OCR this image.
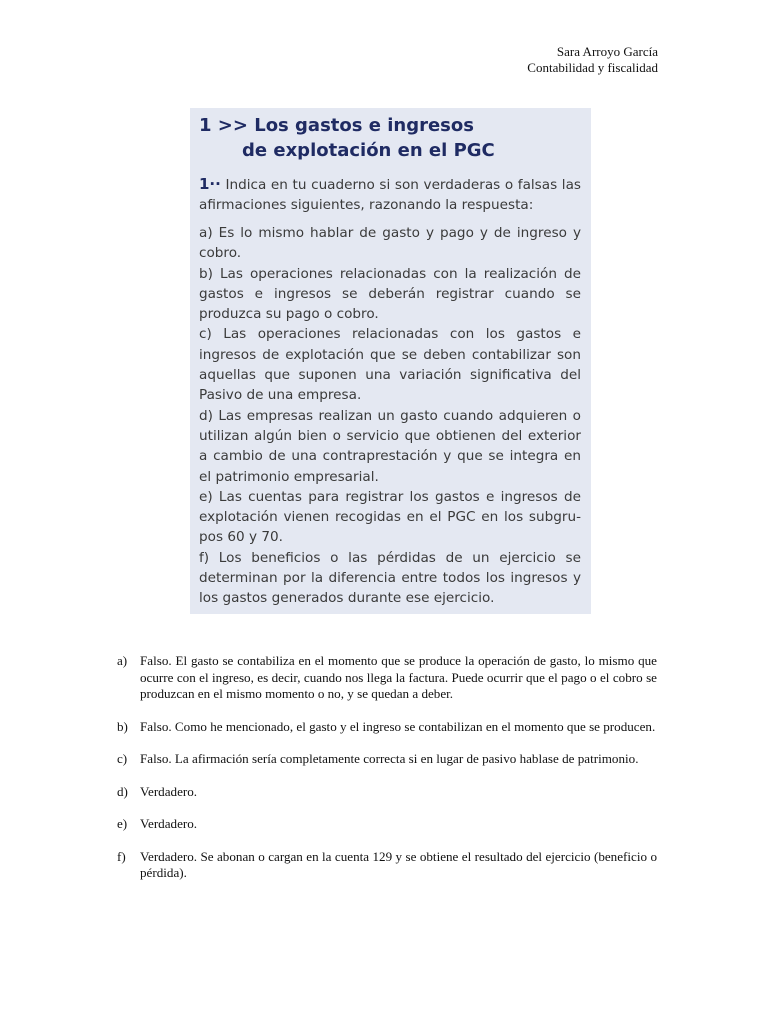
Sara Arroyo García
Contabilidad y fiscalidad
1 >> Los gastos e ingresos
de explotación en el PGC

1·· Indica en tu cuaderno si son verdaderas o falsas las afirmaciones siguientes, razonando la respuesta:

a) Es lo mismo hablar de gasto y pago y de ingreso y cobro.

b) Las operaciones relacionadas con la realización de gastos e ingresos se deberán registrar cuando se produzca su pago o cobro.

c) Las operaciones relacionadas con los gastos e ingresos de explotación que se deben contabilizar son aquellas que suponen una variación significativa del Pasivo de una empresa.

d) Las empresas realizan un gasto cuando adquieren o utilizan algún bien o servicio que obtienen del exterior a cambio de una contraprestación y que se integra en el patrimonio empresarial.

e) Las cuentas para registrar los gastos e ingresos de explotación vienen recogidas en el PGC en los subgru-pos 60 y 70.

f) Los beneficios o las pérdidas de un ejercicio se determinan por la diferencia entre todos los ingresos y los gastos generados durante ese ejercicio.

a) Falso. El gasto se contabiliza en el momento que se produce la operación de gasto, lo mismo que ocurre con el ingreso, es decir, cuando nos llega la factura. Puede ocurrir que el pago o el cobro se produzcan en el mismo momento o no, y se quedan a deber.
b) Falso. Como he mencionado, el gasto y el ingreso se contabilizan en el momento que se producen.
c) Falso. La afirmación sería completamente correcta si en lugar de pasivo hablase de patrimonio.
d) Verdadero.
e) Verdadero.
f)	Verdadero. Se abonan o cargan en la cuenta 129 y se obtiene el resultado del ejercicio (beneficio o pérdida).
